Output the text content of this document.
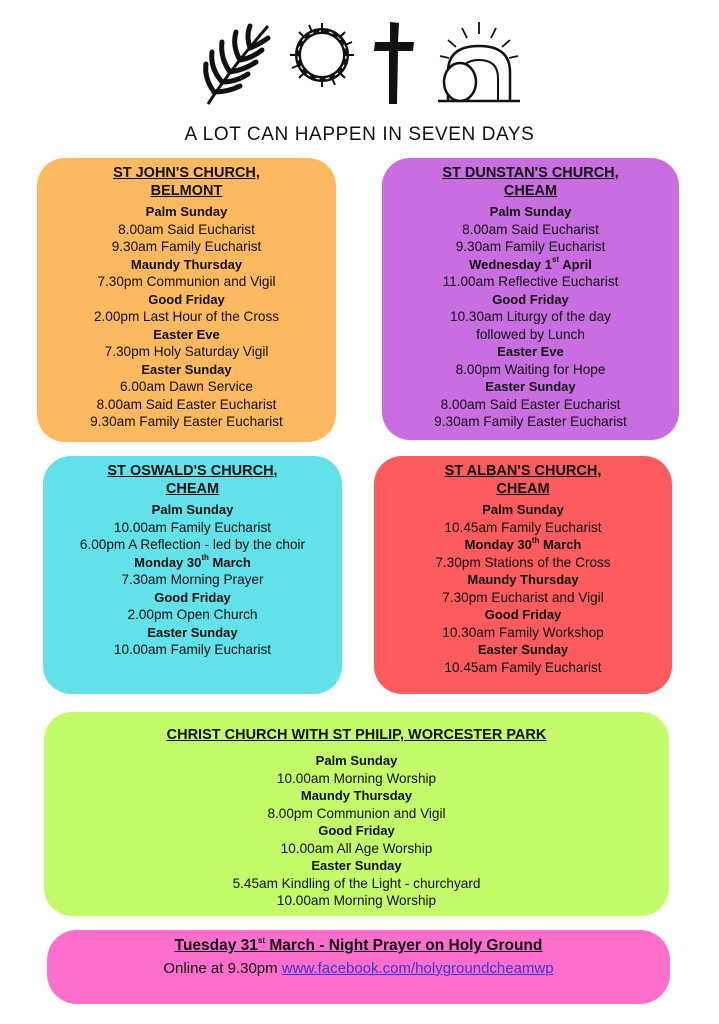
A LOT CAN HAPPEN IN SEVEN DAYS
ST JOHN'S CHURCH,
BELMONT
Palm Sunday
8.00am Said Eucharist
9.30am Family Eucharist
Maundy Thursday
7.30pm Communion and Vigil
Good Friday
2.00pm Last Hour of the Cross
Easter Eve
7.30pm Holy Saturday Vigil
Easter Sunday
6.00am Dawn Service
8.00am Said Easter Eucharist
9.30am Family Easter Eucharist
ST DUNSTAN'S CHURCH,
CHEAM
Palm Sunday
8.00am Said Eucharist
9.30am Family Eucharist
Wednesday 1st April
11.00am Reflective Eucharist
Good Friday
10.30am Liturgy of the day
followed by Lunch
Easter Eve
8.00pm Waiting for Hope
Easter Sunday
8.00am Said Easter Eucharist
9.30am Family Easter Eucharist
ST OSWALD'S CHURCH,
CHEAM
Palm Sunday
10.00am Family Eucharist
6.00pm A Reflection - led by the choir
Monday 30th March
7.30am Morning Prayer
Good Friday
2.00pm Open Church
Easter Sunday
10.00am Family Eucharist
ST ALBAN'S CHURCH,
CHEAM
Palm Sunday
10.45am Family Eucharist
Monday 30th March
7.30pm Stations of the Cross
Maundy Thursday
7.30pm Eucharist and Vigil
Good Friday
10.30am Family Workshop
Easter Sunday
10.45am Family Eucharist
CHRIST CHURCH WITH ST PHILIP, WORCESTER PARK
Palm Sunday
10.00am Morning Worship
Maundy Thursday
8.00pm Communion and Vigil
Good Friday
10.00am All Age Worship
Easter Sunday
5.45am Kindling of the Light - churchyard
10.00am Morning Worship
Tuesday 31st March - Night Prayer on Holy Ground
Online at 9.30pm www.facebook.com/holygroundcheamwp
